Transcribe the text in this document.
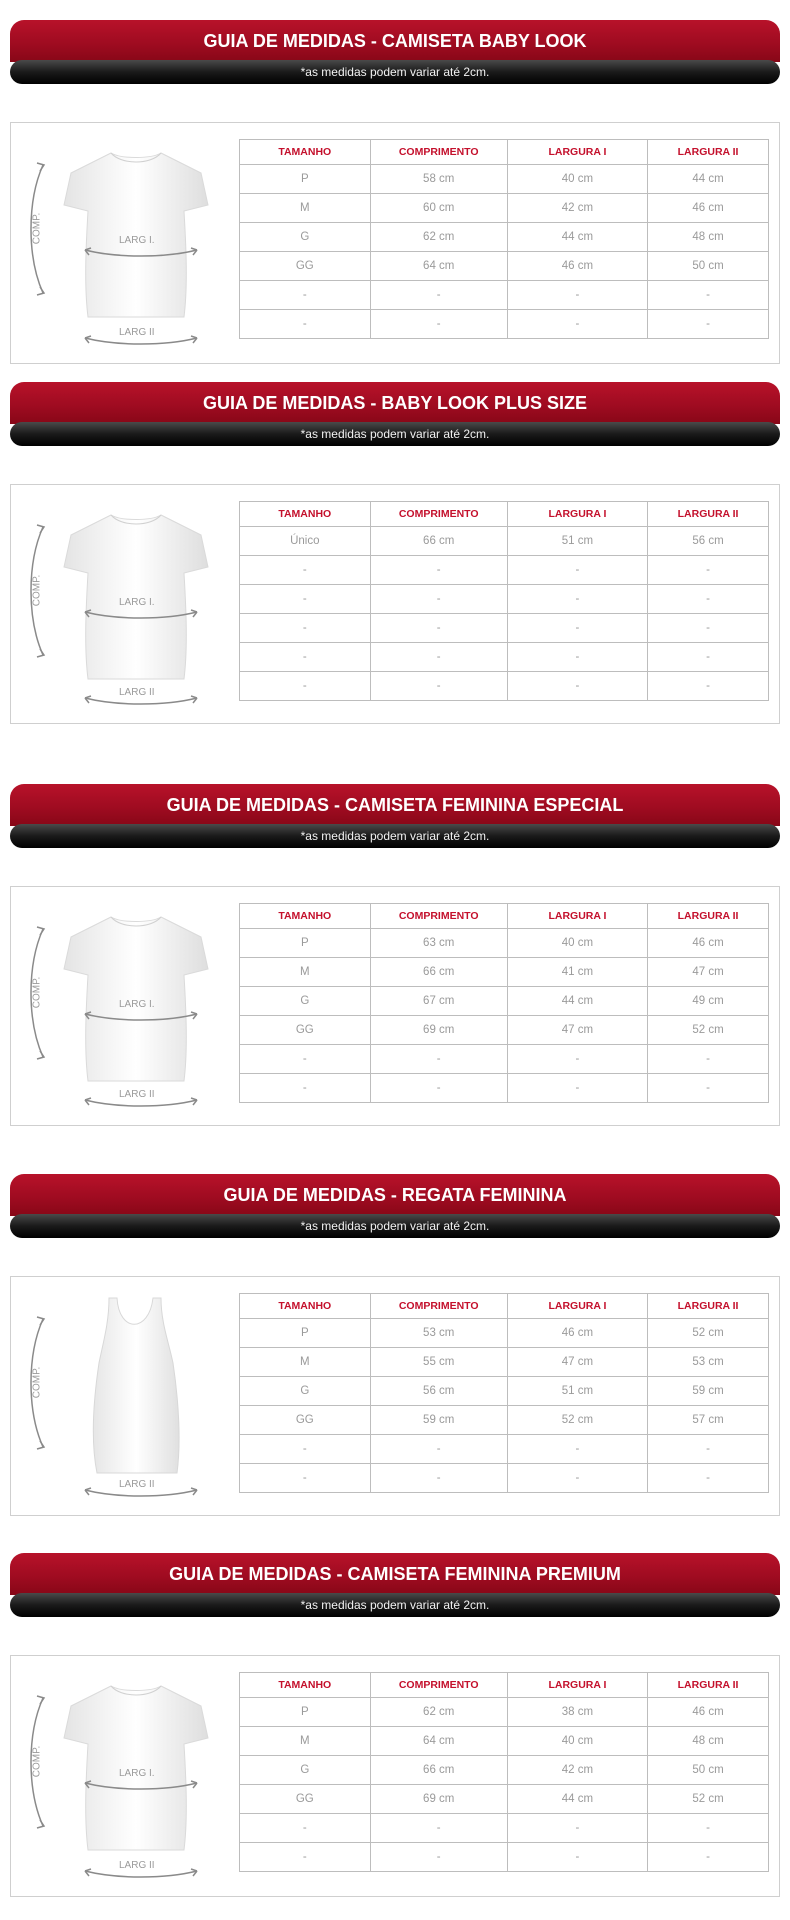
GUIA DE MEDIDAS - CAMISETA BABY LOOK
*as medidas podem variar até 2cm.
COMP.	LARG I.
LARG II
TAMANHO	COMPRIMENTO	LARGURA I	LARGURA II
P	58 cm	40 cm	44 cm
M	60 cm	42 cm	46 cm
G	62 cm	44 cm	48 cm
GG	64 cm	46 cm	50 cm
-	-	-	-
-	-	-	-
GUIA DE MEDIDAS - BABY LOOK PLUS SIZE
*as medidas podem variar até 2cm.
COMP.	LARG I.
LARG II
TAMANHO	COMPRIMENTO	LARGURA I	LARGURA II
Único	66 cm	51 cm	56 cm
-	-	-	-
-	-	-	-
-	-	-	-
-	-	-	-
-	-	-	-
GUIA DE MEDIDAS - CAMISETA FEMININA ESPECIAL
*as medidas podem variar até 2cm.
COMP.	LARG I.
LARG II
TAMANHO	COMPRIMENTO	LARGURA I	LARGURA II
P	63 cm	40 cm	46 cm
M	66 cm	41 cm	47 cm
G	67 cm	44 cm	49 cm
GG	69 cm	47 cm	52 cm
-	-	-	-
-	-	-	-
GUIA DE MEDIDAS - REGATA FEMININA
*as medidas podem variar até 2cm.
COMP.
LARG II
TAMANHO	COMPRIMENTO	LARGURA I	LARGURA II
P	53 cm	46 cm	52 cm
M	55 cm	47 cm	53 cm
G	56 cm	51 cm	59 cm
GG	59 cm	52 cm	57 cm
-	-	-	-
-	-	-	-
GUIA DE MEDIDAS - CAMISETA FEMININA PREMIUM
*as medidas podem variar até 2cm.
COMP.	LARG I.
LARG II
TAMANHO	COMPRIMENTO	LARGURA I	LARGURA II
P	62 cm	38 cm	46 cm
M	64 cm	40 cm	48 cm
G	66 cm	42 cm	50 cm
GG	69 cm	44 cm	52 cm
-	-	-	-
-	-	-	-
